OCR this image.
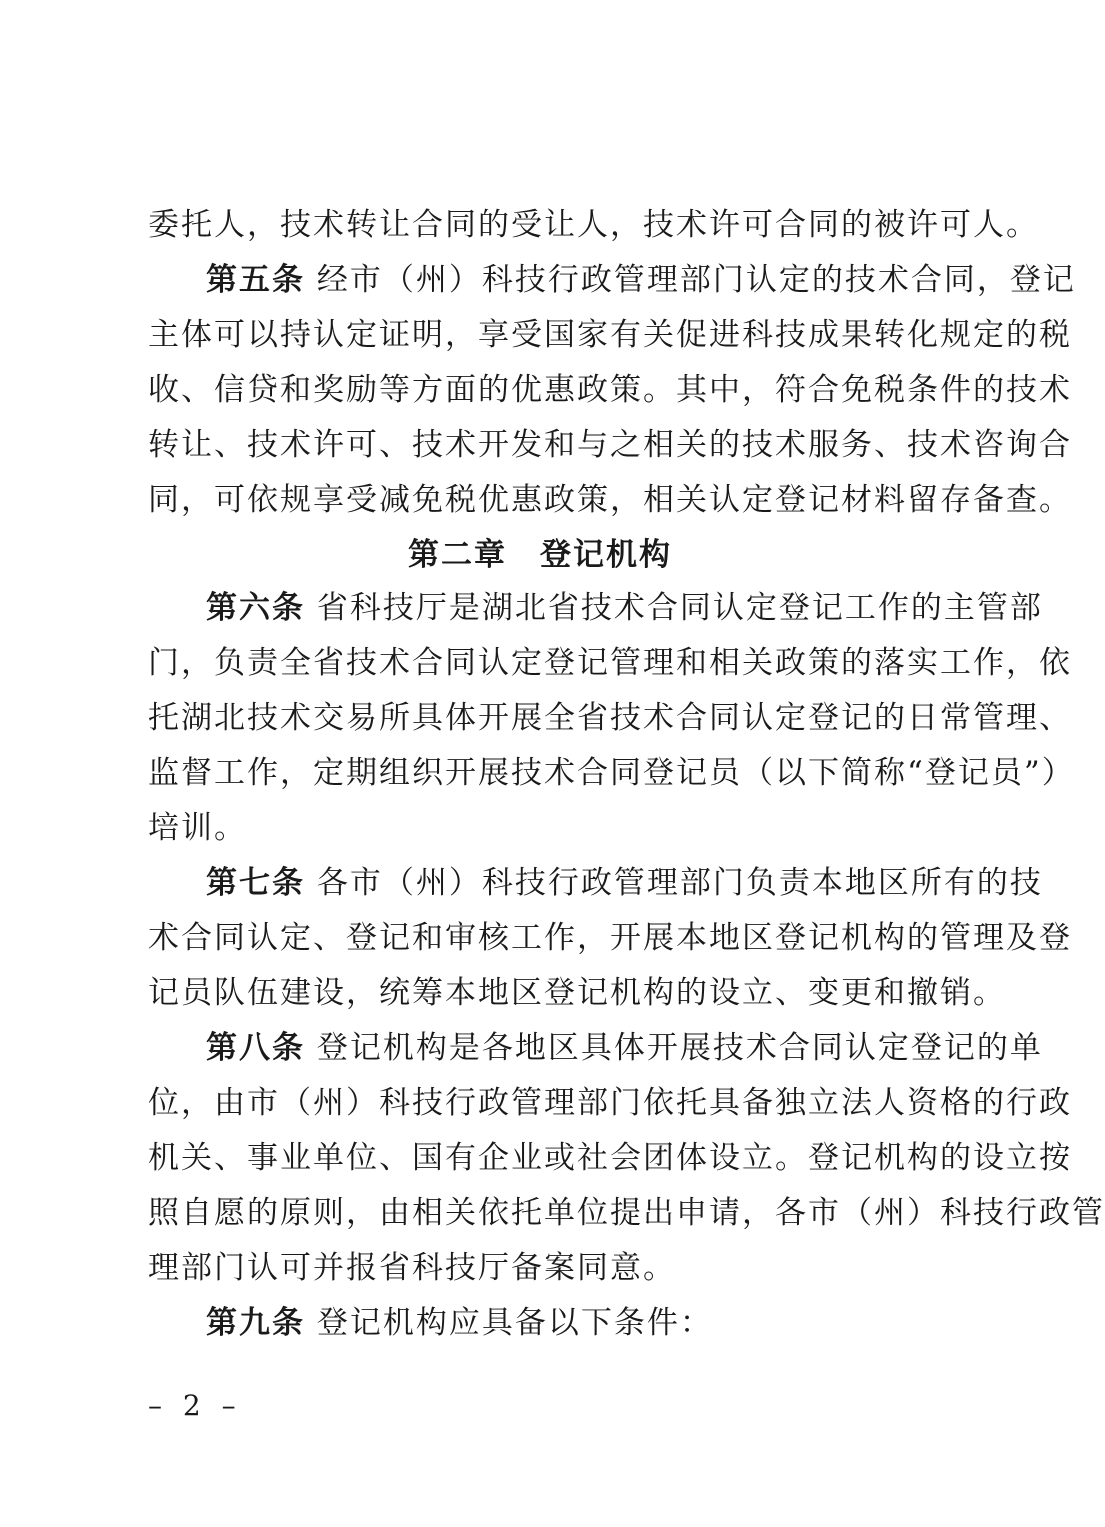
委托人，技术转让合同的受让人，技术许可合同的被许可人。
第五条 经市（州）科技行政管理部门认定的技术合同，登记
主体可以持认定证明，享受国家有关促进科技成果转化规定的税
收、信贷和奖励等方面的优惠政策。其中，符合免税条件的技术
转让、技术许可、技术开发和与之相关的技术服务、技术咨询合
同，可依规享受减免税优惠政策，相关认定登记材料留存备查。
第二章　登记机构
第六条 省科技厅是湖北省技术合同认定登记工作的主管部
门，负责全省技术合同认定登记管理和相关政策的落实工作，依
托湖北技术交易所具体开展全省技术合同认定登记的日常管理、
监督工作，定期组织开展技术合同登记员（以下简称“登记员”）
培训。
第七条 各市（州）科技行政管理部门负责本地区所有的技
术合同认定、登记和审核工作，开展本地区登记机构的管理及登
记员队伍建设，统筹本地区登记机构的设立、变更和撤销。
第八条 登记机构是各地区具体开展技术合同认定登记的单
位，由市（州）科技行政管理部门依托具备独立法人资格的行政
机关、事业单位、国有企业或社会团体设立。登记机构的设立按
照自愿的原则，由相关依托单位提出申请，各市（州）科技行政管
理部门认可并报省科技厅备案同意。
第九条 登记机构应具备以下条件：
– 2 –
